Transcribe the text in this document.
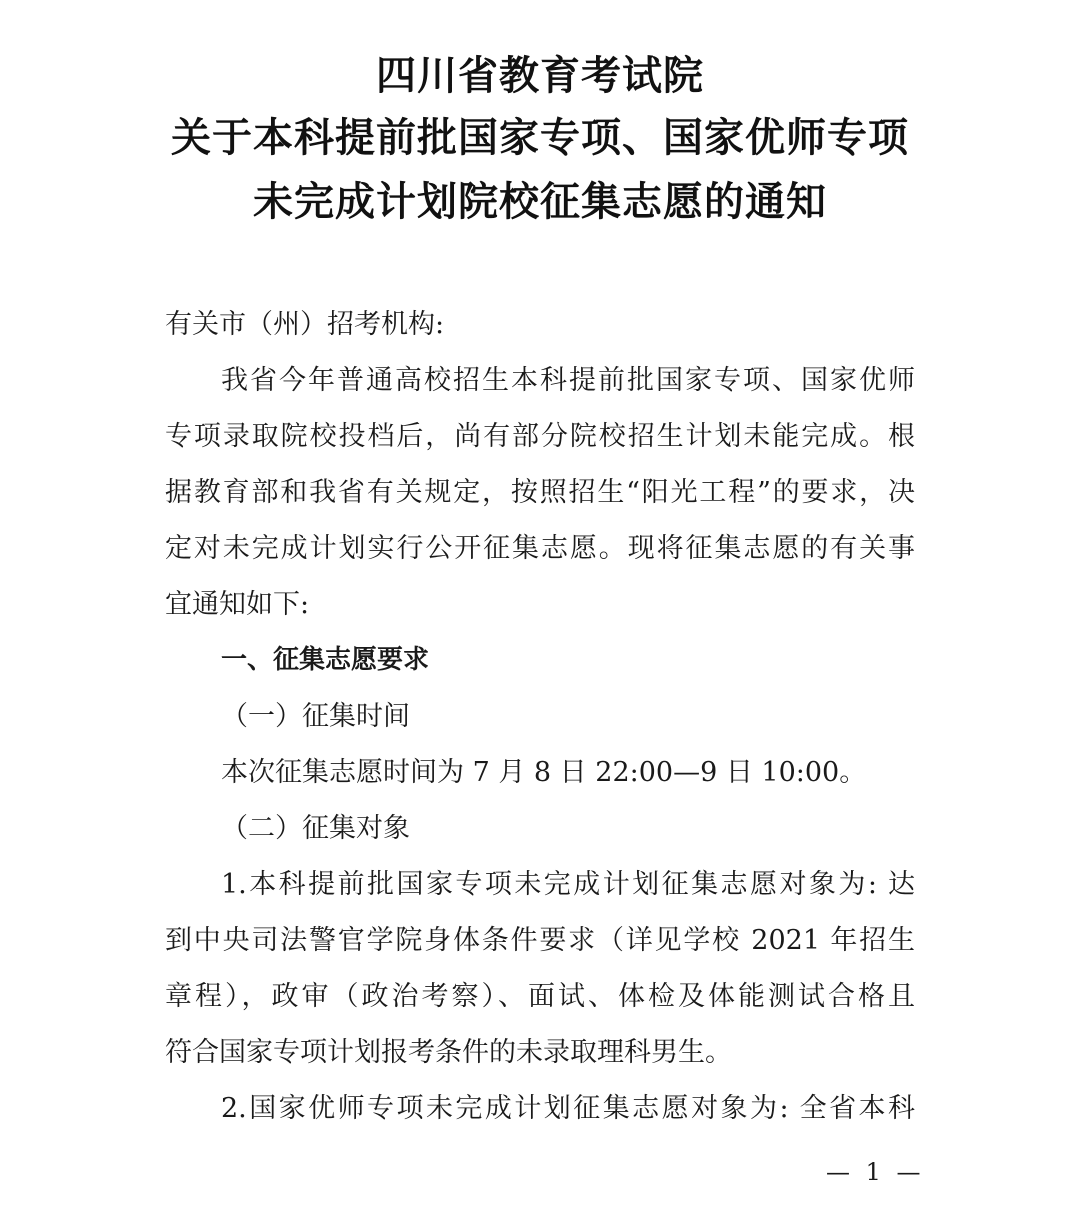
四川省教育考试院
关于本科提前批国家专项、国家优师专项
未完成计划院校征集志愿的通知
有关市（州）招考机构:
我省今年普通高校招生本科提前批国家专项、国家优师
专项录取院校投档后，尚有部分院校招生计划未能完成。根
据教育部和我省有关规定，按照招生“阳光工程”的要求，决
定对未完成计划实行公开征集志愿。现将征集志愿的有关事
宜通知如下:
一、征集志愿要求
（一）征集时间
本次征集志愿时间为 7 月 8 日 22:00—9 日 10:00。
（二）征集对象
1.本科提前批国家专项未完成计划征集志愿对象为: 达
到中央司法警官学院身体条件要求（详见学校 2021 年招生
章程），政审（政治考察）、面试、体检及体能测试合格且
符合国家专项计划报考条件的未录取理科男生。
2.国家优师专项未完成计划征集志愿对象为: 全省本科
— 1 —
